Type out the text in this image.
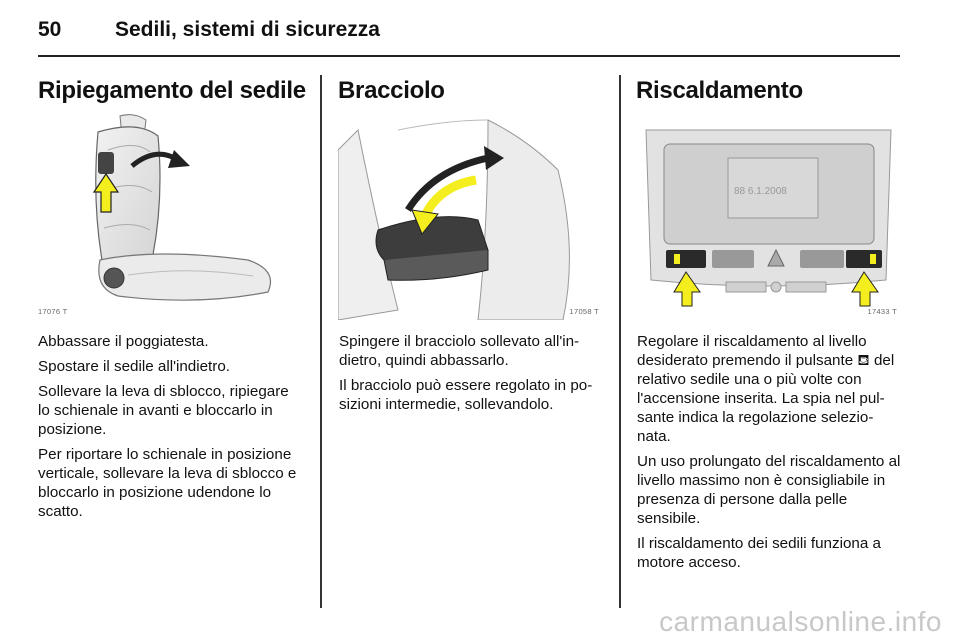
50	Sedili, sistemi di sicurezza
Ripiegamento del sedile
17076 T

Abbassare il poggiatesta.

Spostare il sedile all'indietro.

Sollevare la leva di sblocco, ripiegare lo schienale in avanti e bloccarlo in posizione.

Per riportare lo schienale in posizione verticale, sollevare la leva di sblocco e bloccarlo in posizione udendone lo scatto.

Bracciolo
17058 T

Spingere il bracciolo sollevato all'in-dietro, quindi abbassarlo.

Il bracciolo può essere regolato in po-sizioni intermedie, sollevandolo.

Riscaldamento
88 6.1.2008
17433 T

Regolare il riscaldamento al livello desiderato premendo il pulsante ⛾ del relativo sedile una o più volte con l'accensione inserita. La spia nel pul-sante indica la regolazione selezio-nata.

Un uso prolungato del riscaldamento al livello massimo non è consigliabile in presenza di persone dalla pelle sensibile.

Il riscaldamento dei sedili funziona a motore acceso.

carmanualsonline.info
